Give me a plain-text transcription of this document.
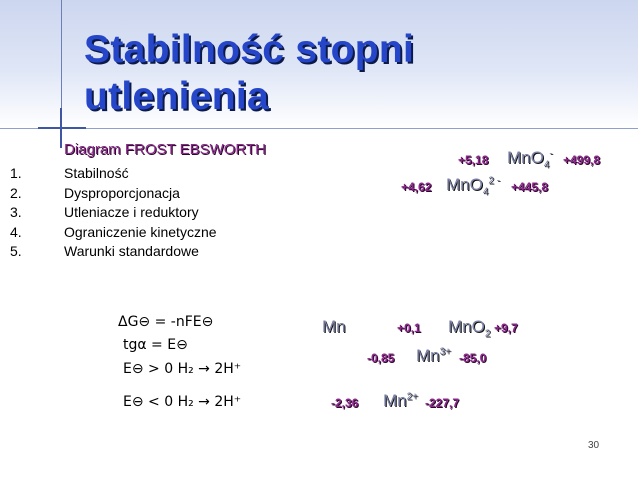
Stabilność stopni
utlenienia
Diagram FROST EBSWORTH
1.	Stabilność
2.	Dysproporcjonacja
3.	Utleniacze i reduktory
4.	Ograniczenie kinetyczne
5.	Warunki standardowe
ΔG⊖ = -nFE⊖
tgα = E⊖
E⊖ > 0 H₂ → 2H⁺
E⊖ < 0 H₂ → 2H⁺
+5,18 MnO$_4$- +499,8
+4,62 MnO$_4^{2 -}$ +445,8
Mn	+0,1 MnO$_2$ +9,7
-0,85 $Mn^{3+}$ -85,0
-2,36 $Mn^{2+}$ -227,7
30
